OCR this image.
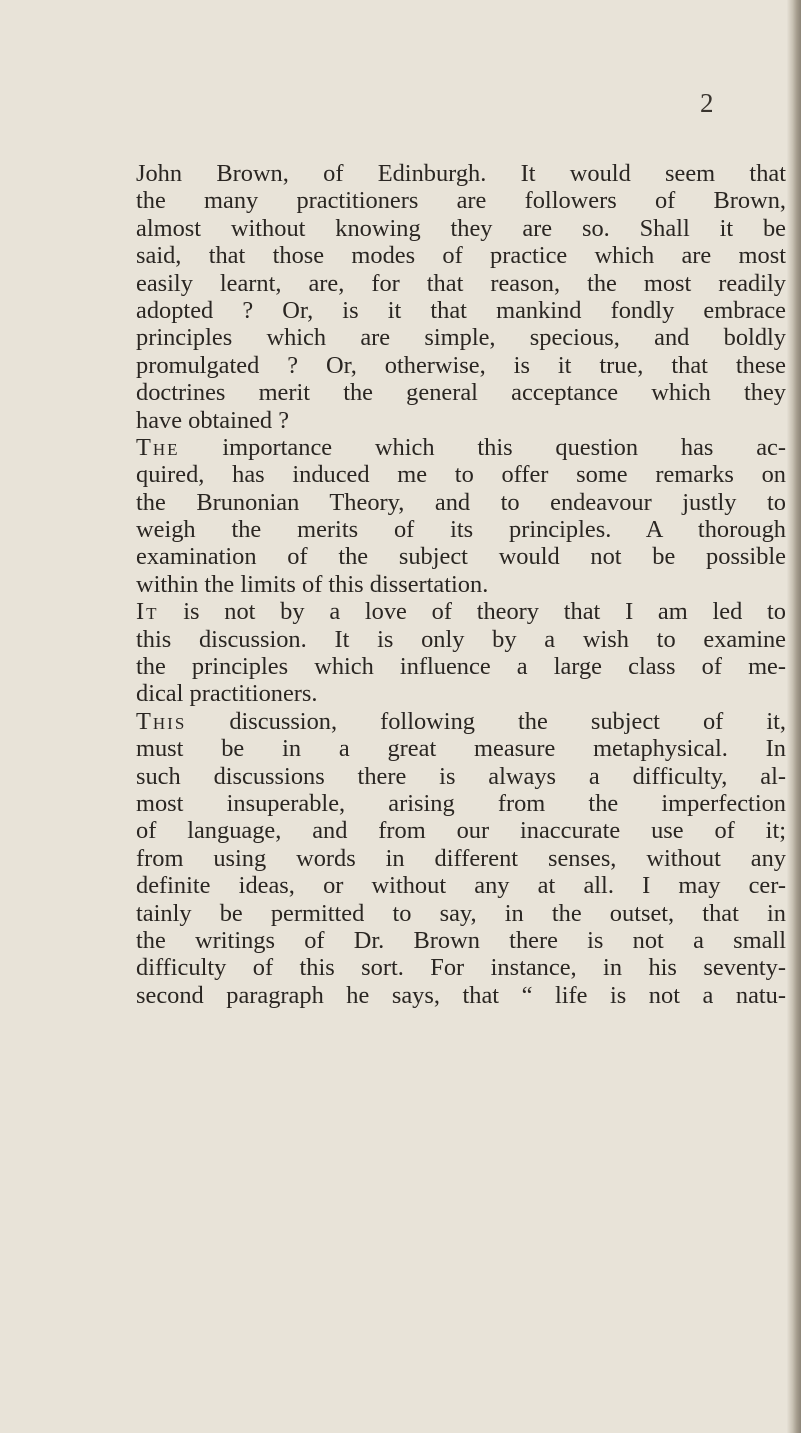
2
John Brown, of Edinburgh. It would seem that
the many practitioners are followers of Brown,
almost without knowing they are so. Shall it be
said, that those modes of practice which are most
easily learnt, are, for that reason, the most readily
adopted ? Or, is it that mankind fondly embrace
principles which are simple, specious, and boldly
promulgated ? Or, otherwise, is it true, that these
doctrines merit the general acceptance which they
have obtained ?
The importance which this question has ac-
quired, has induced me to offer some remarks on
the Brunonian Theory, and to endeavour justly to
weigh the merits of its principles. A thorough
examination of the subject would not be possible
within the limits of this dissertation.
It is not by a love of theory that I am led to
this discussion. It is only by a wish to examine
the principles which influence a large class of me-
dical practitioners.
This discussion, following the subject of it,
must be in a great measure metaphysical. In
such discussions there is always a difficulty, al-
most insuperable, arising from the imperfection
of language, and from our inaccurate use of it;
from using words in different senses, without any
definite ideas, or without any at all. I may cer-
tainly be permitted to say, in the outset, that in
the writings of Dr. Brown there is not a small
difficulty of this sort. For instance, in his seventy-
second paragraph he says, that “ life is not a natu-
